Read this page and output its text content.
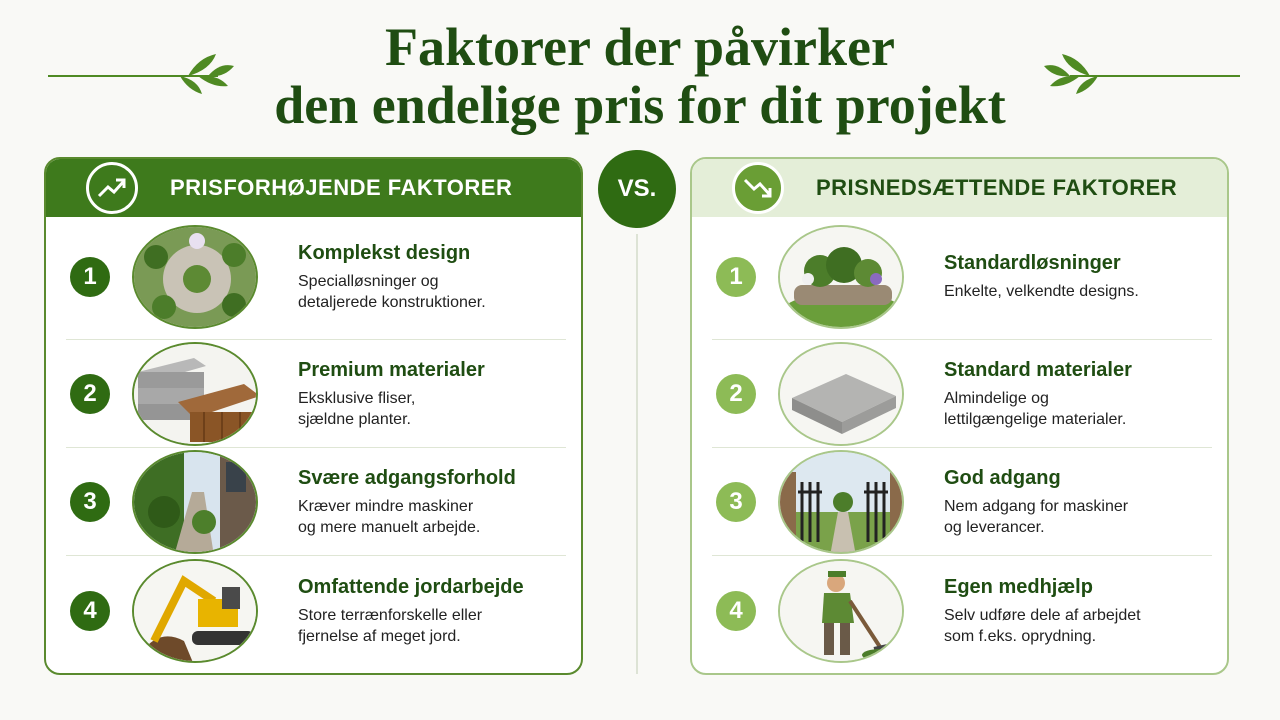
Faktorer der påvirker
den endelige pris for dit projekt
VS.
PRISFORHØJENDE FAKTORER
1
Komplekst design

Specialløsninger og
detaljerede konstruktioner.

2
Premium materialer

Eksklusive fliser,
sjældne planter.

3
Svære adgangsforhold

Kræver mindre maskiner
og mere manuelt arbejde.

4
Omfattende jordarbejde

Store terrænforskelle eller
fjernelse af meget jord.

PRISNEDSÆTTENDE FAKTORER
1	Standardløsninger

Enkelte, velkendte designs.

2
Standard materialer

Almindelige og
lettilgængelige materialer.

3
God adgang

Nem adgang for maskiner
og leverancer.

4
Egen medhjælp

Selv udføre dele af arbejdet
som f.eks. oprydning.
